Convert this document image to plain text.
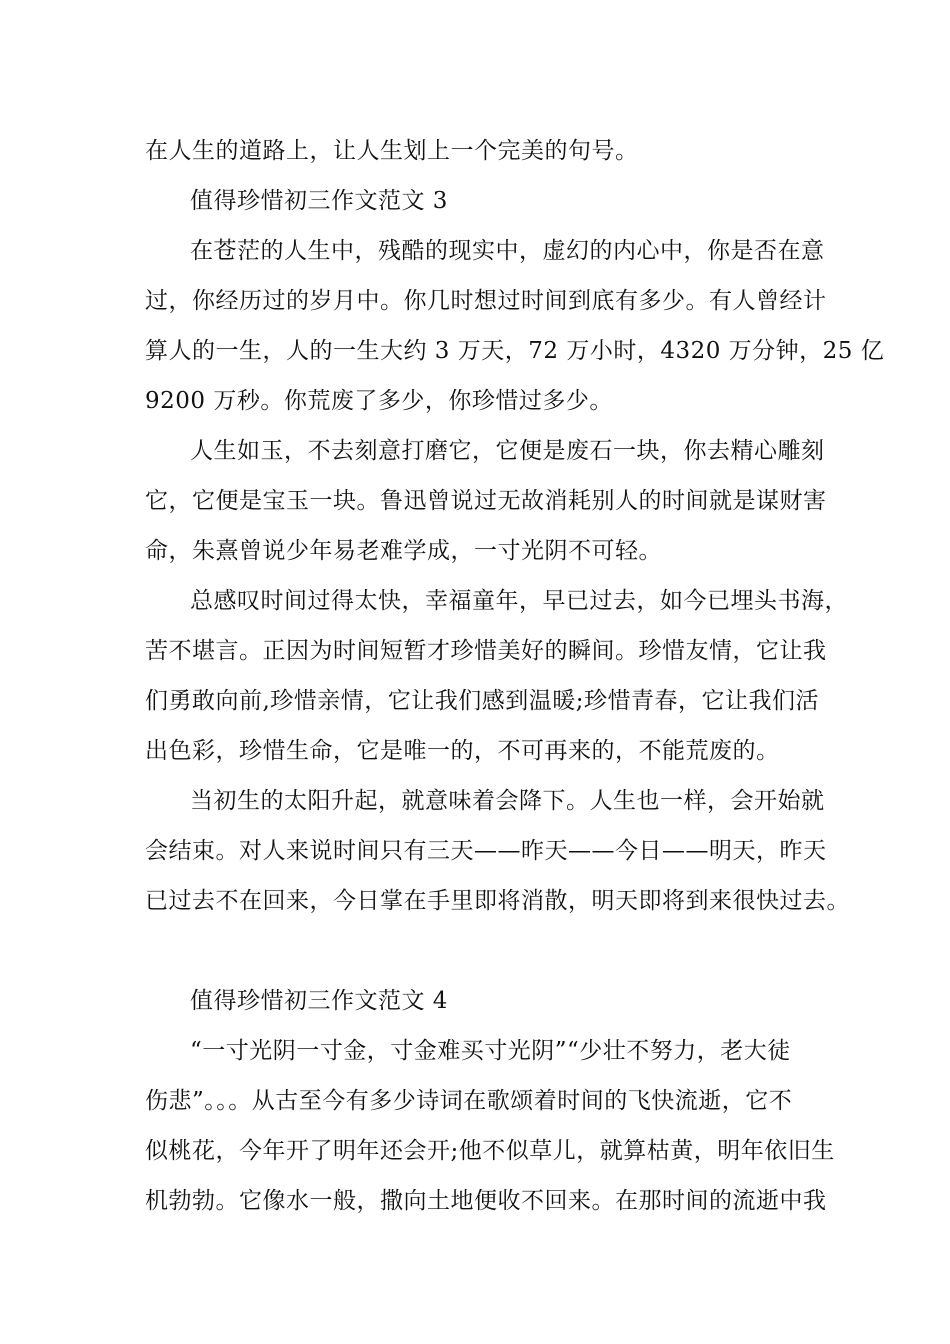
在人生的道路上，让人生划上一个完美的句号。
值得珍惜初三作文范文 3
在苍茫的人生中，残酷的现实中，虚幻的内心中，你是否在意
过，你经历过的岁月中。你几时想过时间到底有多少。有人曾经计
算人的一生，人的一生大约 3 万天，72 万小时，4320 万分钟，25 亿
9200 万秒。你荒废了多少，你珍惜过多少。
人生如玉，不去刻意打磨它，它便是废石一块，你去精心雕刻
它，它便是宝玉一块。鲁迅曾说过无故消耗别人的时间就是谋财害
命，朱熹曾说少年易老难学成，一寸光阴不可轻。
总感叹时间过得太快，幸福童年，早已过去，如今已埋头书海，
苦不堪言。正因为时间短暂才珍惜美好的瞬间。珍惜友情，它让我
们勇敢向前,珍惜亲情，它让我们感到温暖;珍惜青春，它让我们活
出色彩，珍惜生命，它是唯一的，不可再来的，不能荒废的。
当初生的太阳升起，就意味着会降下。人生也一样，会开始就
会结束。对人来说时间只有三天——昨天——今日——明天，昨天
已过去不在回来，今日掌在手里即将消散，明天即将到来很快过去。
值得珍惜初三作文范文 4
“一寸光阴一寸金，寸金难买寸光阴”“少壮不努力，老大徒
伤悲”。。。从古至今有多少诗词在歌颂着时间的飞快流逝，它不
似桃花，今年开了明年还会开;他不似草儿，就算枯黄，明年依旧生
机勃勃。它像水一般，撒向土地便收不回来。在那时间的流逝中我
